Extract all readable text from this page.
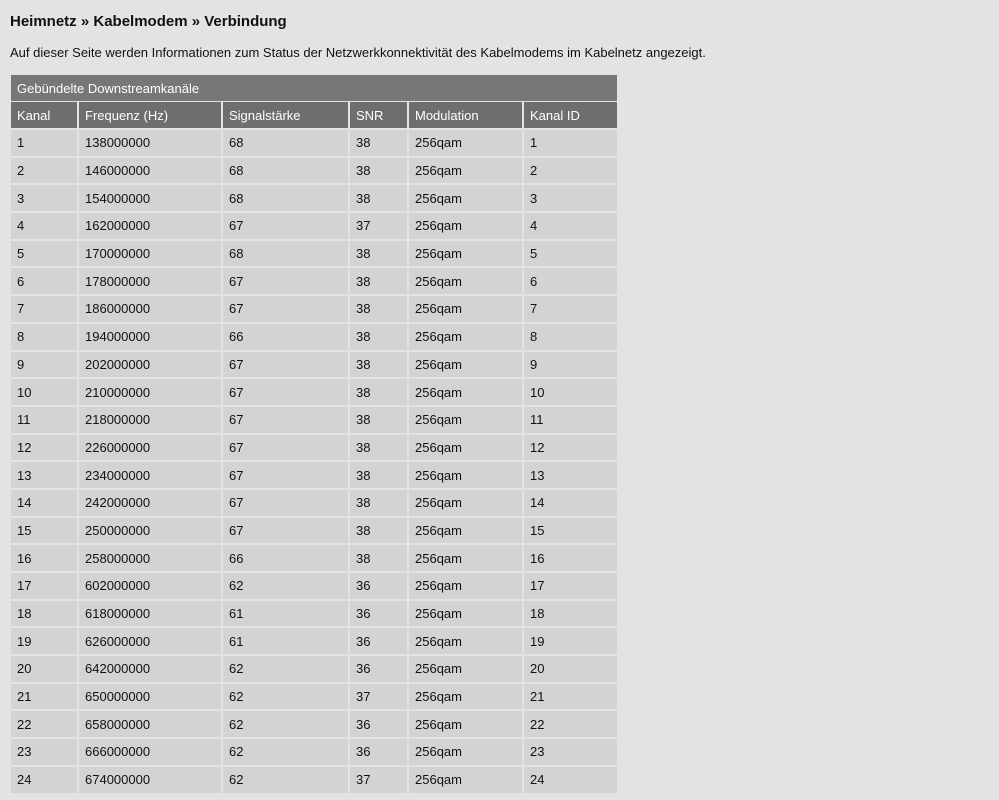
Heimnetz » Kabelmodem » Verbindung
Auf dieser Seite werden Informationen zum Status der Netzwerkkonnektivität des Kabelmodems im Kabelnetz angezeigt.
Gebündelte Downstreamkanäle					
Kanal	Frequenz (Hz)	Signalstärke	SNR	Modulation	Kanal ID
1	138000000	68	38	256qam	1
2	146000000	68	38	256qam	2
3	154000000	68	38	256qam	3
4	162000000	67	37	256qam	4
5	170000000	68	38	256qam	5
6	178000000	67	38	256qam	6
7	186000000	67	38	256qam	7
8	194000000	66	38	256qam	8
9	202000000	67	38	256qam	9
10	210000000	67	38	256qam	10
11	218000000	67	38	256qam	11
12	226000000	67	38	256qam	12
13	234000000	67	38	256qam	13
14	242000000	67	38	256qam	14
15	250000000	67	38	256qam	15
16	258000000	66	38	256qam	16
17	602000000	62	36	256qam	17
18	618000000	61	36	256qam	18
19	626000000	61	36	256qam	19
20	642000000	62	36	256qam	20
21	650000000	62	37	256qam	21
22	658000000	62	36	256qam	22
23	666000000	62	36	256qam	23
24	674000000	62	37	256qam	24
